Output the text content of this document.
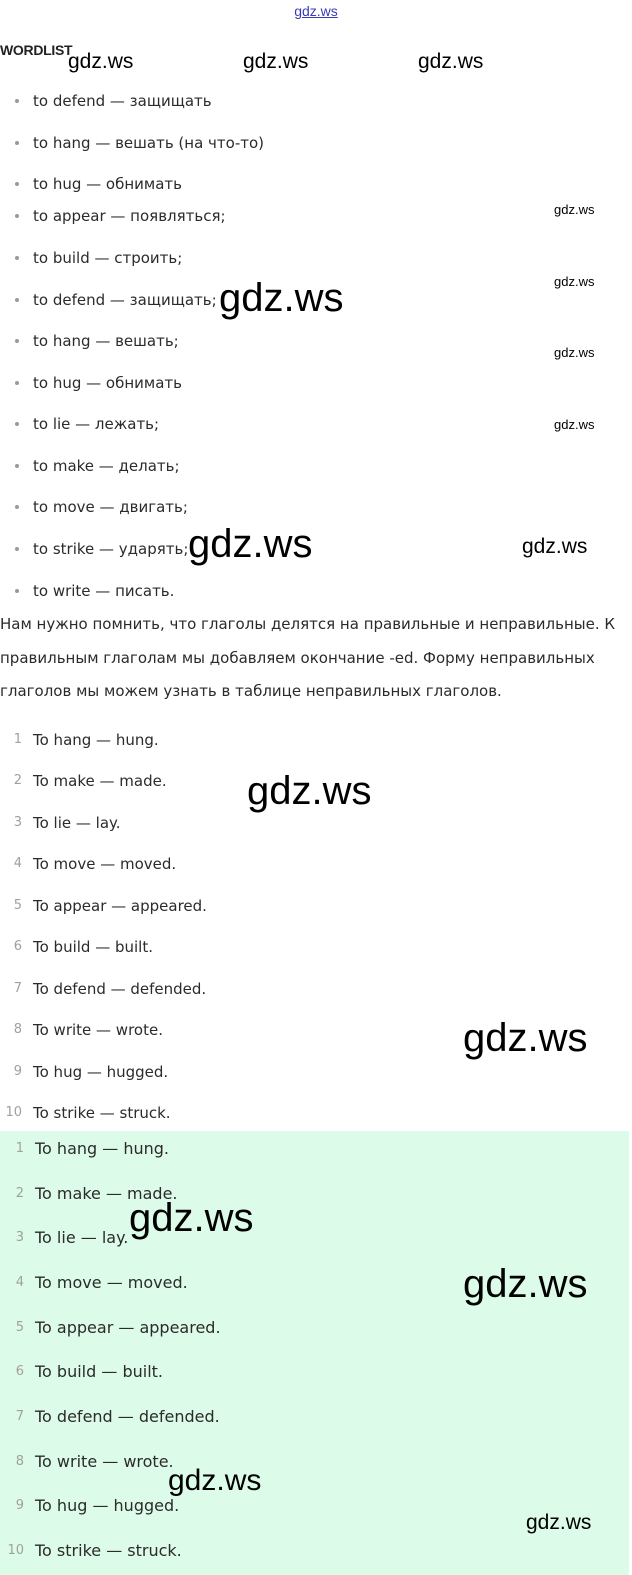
gdz.ws
WORDLIST
to defend — защищать
to hang — вешать (на что-то)
to hug — обнимать
to appear — появляться;
to build — строить;
to defend — защищать;
to hang — вешать;
to hug — обнимать
to lie — лежать;
to make — делать;
to move — двигать;
to strike — ударять;
to write — писать.

Нам нужно помнить, что глаголы делятся на правильные и неправильные. К правильным глаголам мы добавляем окончание -ed. Форму неправильных глаголов мы можем узнать в таблице неправильных глаголов.

1 To hang — hung.
2 To make — made.
3 To lie — lay.
4 To move — moved.
5 To appear — appeared.
6 To build — built.
7 To defend — defended.
8 To write — wrote.
9 To hug — hugged.
10 To strike — struck.
1 To hang — hung.
2 To make — made.
3 To lie — lay.
4 To move — moved.
5 To appear — appeared.
6 To build — built.
7 To defend — defended.
8 To write — wrote.
9 To hug — hugged.
10 To strike — struck.
gdz.ws	gdz.ws	gdz.ws
gdz.ws
gdz.ws
gdz.ws
gdz.ws
gdz.ws
gdz.ws	gdz.ws
gdz.ws
gdz.ws
gdz.ws
gdz.ws
gdz.ws
gdz.ws
